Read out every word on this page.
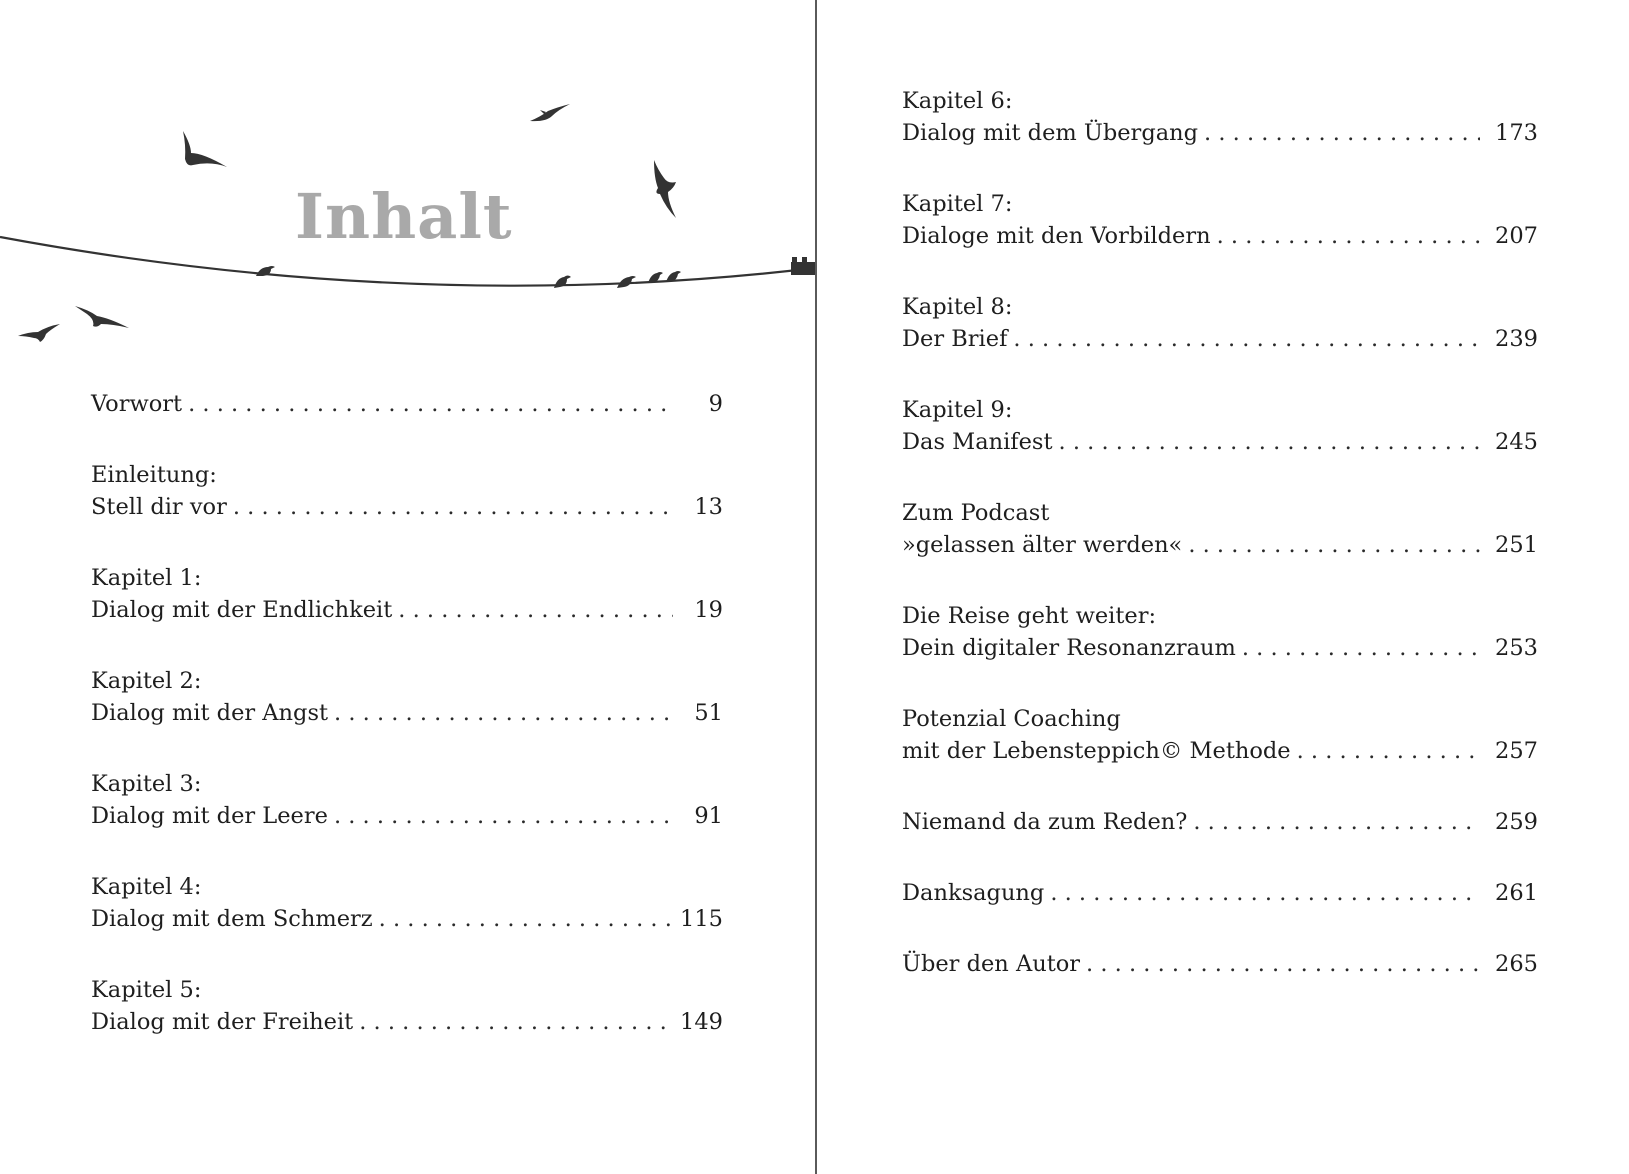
Inhalt
Vorwort . . .	9
Einleitung:
Stell dir vor . . .	13
Kapitel 1:
Dialog mit der Endlichkeit . . .	19
Kapitel 2:
Dialog mit der Angst . . .	51
Kapitel 3:
Dialog mit der Leere . . .	91
Kapitel 4:
Dialog mit dem Schmerz . . .	115
Kapitel 5:
Dialog mit der Freiheit . . .	149
Kapitel 6:
Dialog mit dem Übergang . . .	173
Kapitel 7:
Dialoge mit den Vorbildern . . .	207
Kapitel 8:
Der Brief . . .	239
Kapitel 9:
Das Manifest . . .	245
Zum Podcast
»gelassen älter werden« . . .	251
Die Reise geht weiter:
Dein digitaler Resonanzraum . . .	253
Potenzial Coaching
mit der Lebensteppich© Methode . . .	257
Niemand da zum Reden? . . .	259
Danksagung . . .	261
Über den Autor . . .	265
